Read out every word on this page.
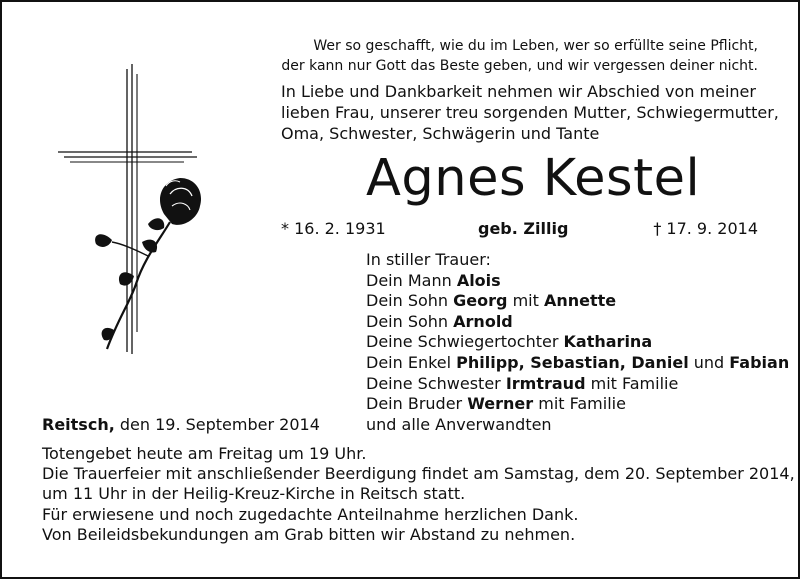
Wer so geschafft, wie du im Leben, wer so erfüllte seine Pflicht,
der kann nur Gott das Beste geben, und wir vergessen deiner nicht.
In Liebe und Dankbarkeit nehmen wir Abschied von meiner
lieben Frau, unserer treu sorgenden Mutter, Schwiegermutter,
Oma, Schwester, Schwägerin und Tante
Agnes Kestel
* 16. 2. 1931	geb. Zillig	† 17. 9. 2014
In stiller Trauer:
Dein Mann Alois
Dein Sohn Georg mit Annette
Dein Sohn Arnold
Deine Schwiegertochter Katharina
Dein Enkel Philipp, Sebastian, Daniel und Fabian
Deine Schwester Irmtraud mit Familie
Dein Bruder Werner mit Familie
und alle Anverwandten
Reitsch, den 19. September 2014
Totengebet heute am Freitag um 19 Uhr.
Die Trauerfeier mit anschließender Beerdigung findet am Samstag, dem 20. September 2014,
um 11 Uhr in der Heilig-Kreuz-Kirche in Reitsch statt.
Für erwiesene und noch zugedachte Anteilnahme herzlichen Dank.
Von Beileidsbekundungen am Grab bitten wir Abstand zu nehmen.
